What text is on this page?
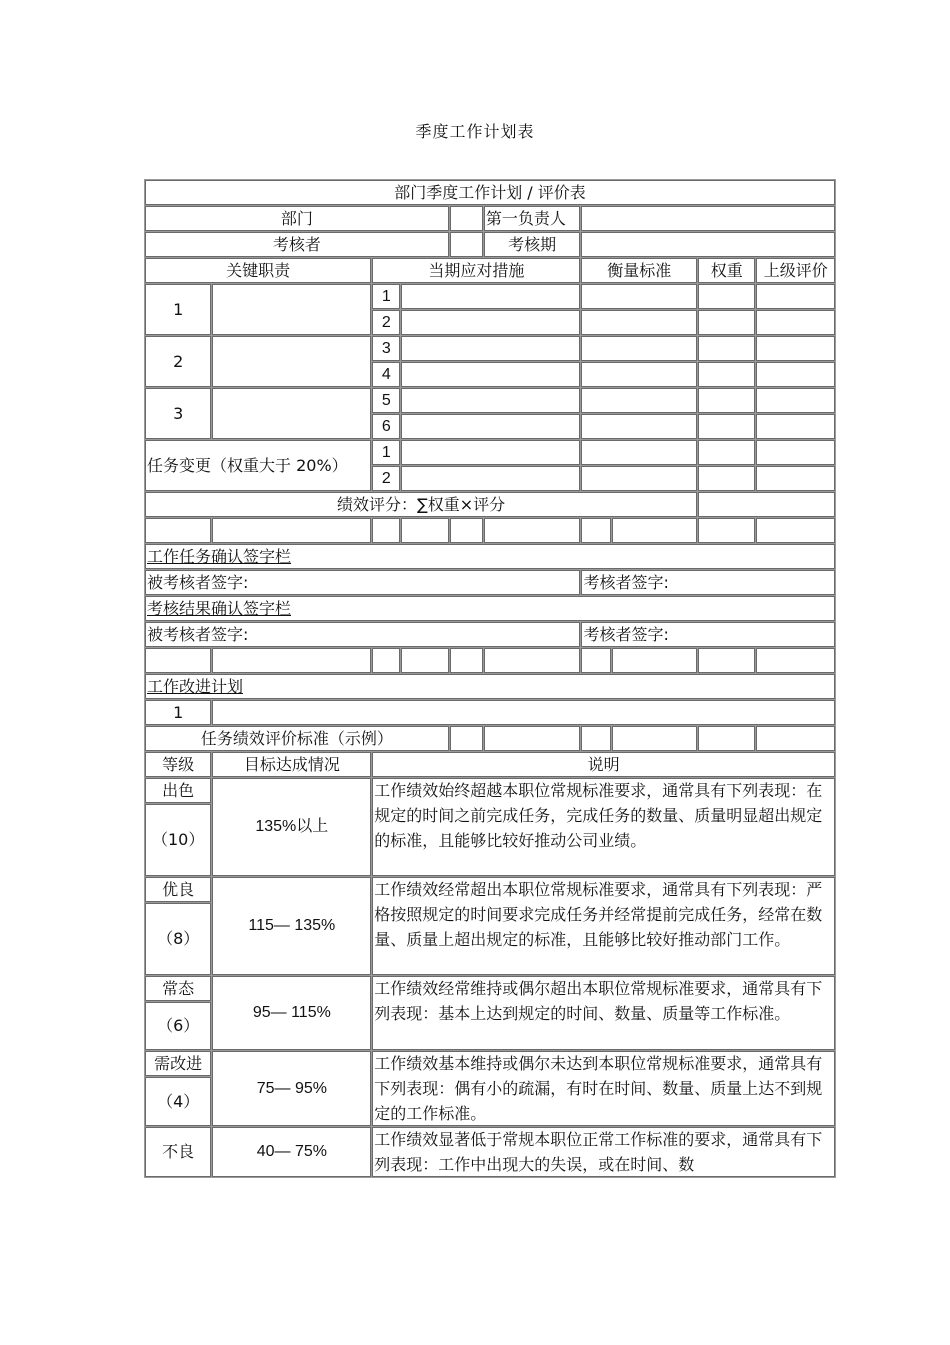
季度工作计划表
部门季度工作计划 / 评价表									
部门					第一负责人				
考核者					考核期				
关键职责		当期应对措施				衡量标准		权重	上级评价
1		1							
		2							
2		3							
		4							
3		5							
		6							
任务变更（权重大于 20%）		1							
		2							
绩效评分：∑权重×评分									

工作任务确认签字栏									
被考核者签字:						考核者签字:			
考核结果确认签字栏									
被考核者签字:						考核者签字:			

工作改进计划									
1									
任务绩效评价标准（示例）									
等级	目标达成情况	说明							
出色	135%以上	工作绩效始终超越本职位常规标准要求，通常具有下列表现：在规定的时间之前完成任务，完成任务的数量、质量明显超出规定的标准，且能够比较好推动公司业绩。							
（10）									
优良	115— 135%	工作绩效经常超出本职位常规标准要求，通常具有下列表现：严格按照规定的时间要求完成任务并经常提前完成任务，经常在数量、质量上超出规定的标准，且能够比较好推动部门工作。							
（8）									
常态	95— 115%	工作绩效经常维持或偶尔超出本职位常规标准要求，通常具有下列表现：基本上达到规定的时间、数量、质量等工作标准。							
（6）									
需改进	75— 95%	工作绩效基本维持或偶尔未达到本职位常规标准要求，通常具有下列表现：偶有小的疏漏，有时在时间、数量、质量上达不到规定的工作标准。							
（4）									
不良	40— 75%	工作绩效显著低于常规本职位正常工作标准的要求，通常具有下列表现：工作中出现大的失误，或在时间、数							
